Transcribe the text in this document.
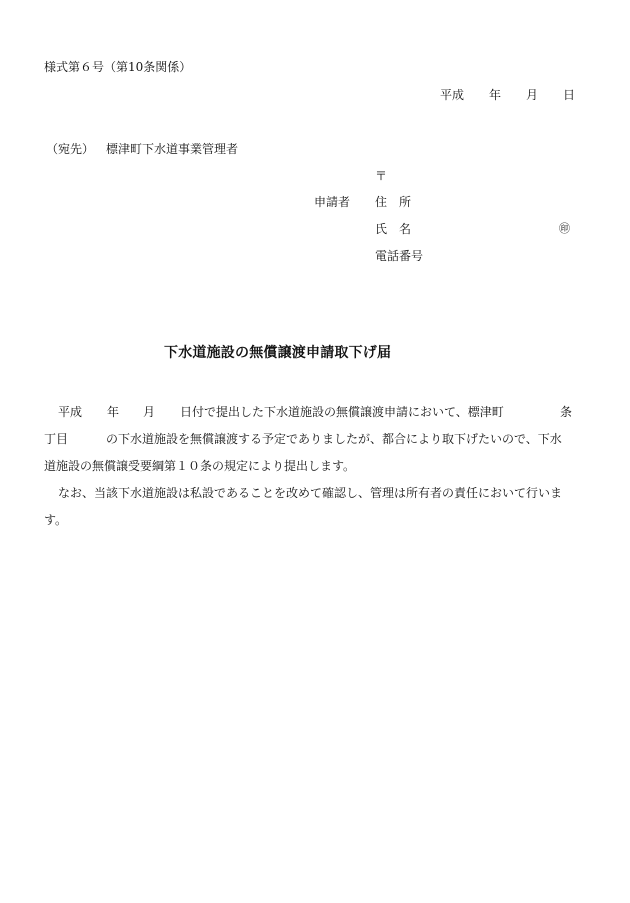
様式第６号（第10条関係）
平成 年 月 日
（宛先） 標津町下水道事業管理者
〒
申請者 住　所
氏　名	㊞
電話番号
下水道施設の無償譲渡申請取下げ届
平成 年 月 日付で提出した下水道施設の無償譲渡申請において、標津町	条
丁目	の下水道施設を無償譲渡する予定でありましたが、都合により取下げたいので、下水
道施設の無償譲受要綱第１０条の規定により提出します。
なお、当該下水道施設は私設であることを改めて確認し、管理は所有者の責任において行いま
す。
